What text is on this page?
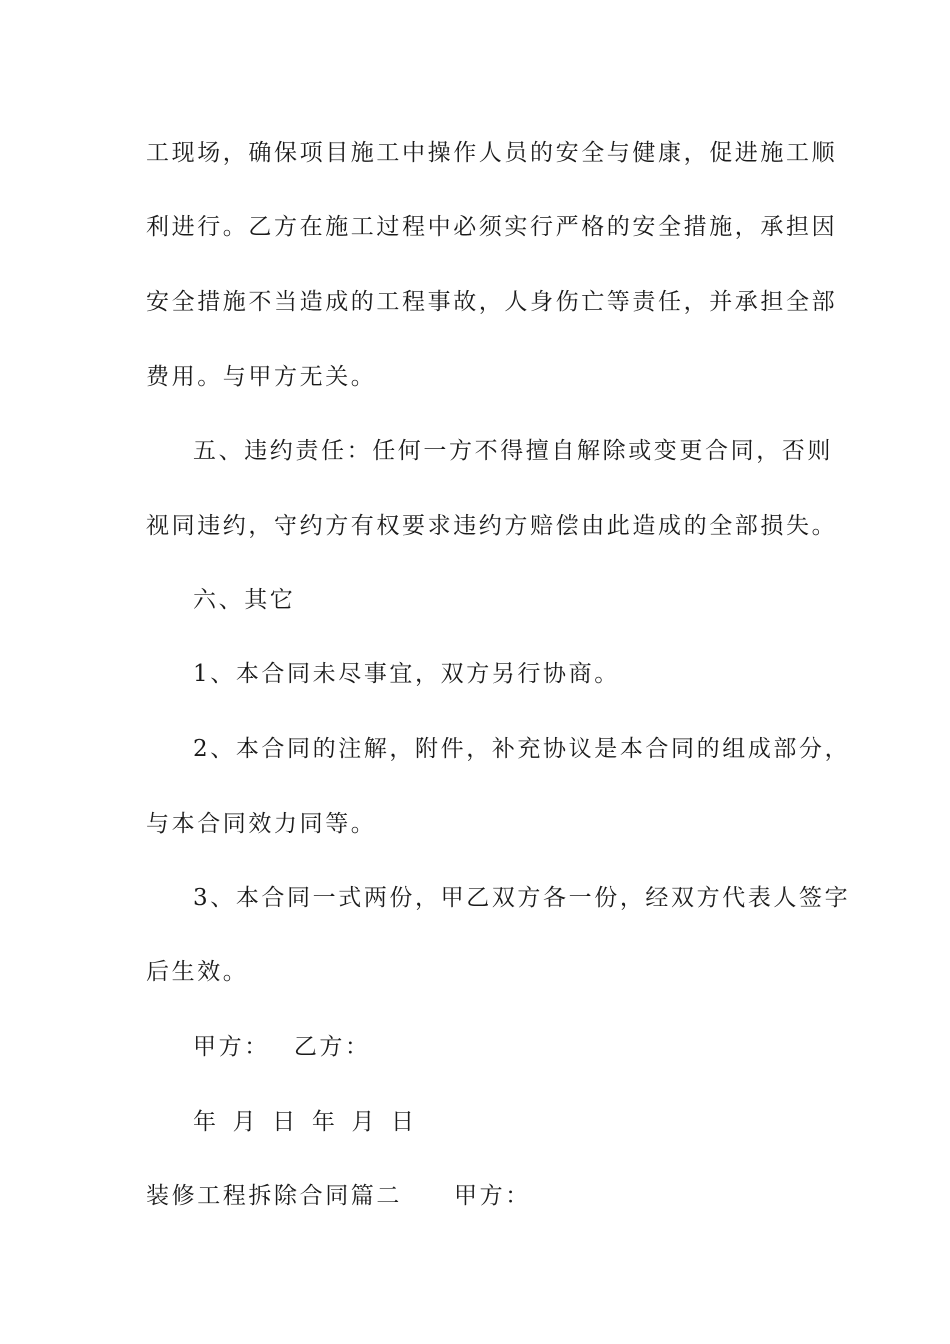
工现场，确保项目施工中操作人员的安全与健康，促进施工顺
利进行。乙方在施工过程中必须实行严格的安全措施，承担因
安全措施不当造成的工程事故，人身伤亡等责任，并承担全部
费用。与甲方无关。
五、违约责任：任何一方不得擅自解除或变更合同，否则
视同违约，守约方有权要求违约方赔偿由此造成的全部损失。
六、其它
1、本合同未尽事宜，双方另行协商。
2、本合同的注解，附件，补充协议是本合同的组成部分，
与本合同效力同等。
3、本合同一式两份，甲乙双方各一份，经双方代表人签字
后生效。
甲方： 乙方：
年 月 日 年 月 日
装修工程拆除合同篇二 甲方：
